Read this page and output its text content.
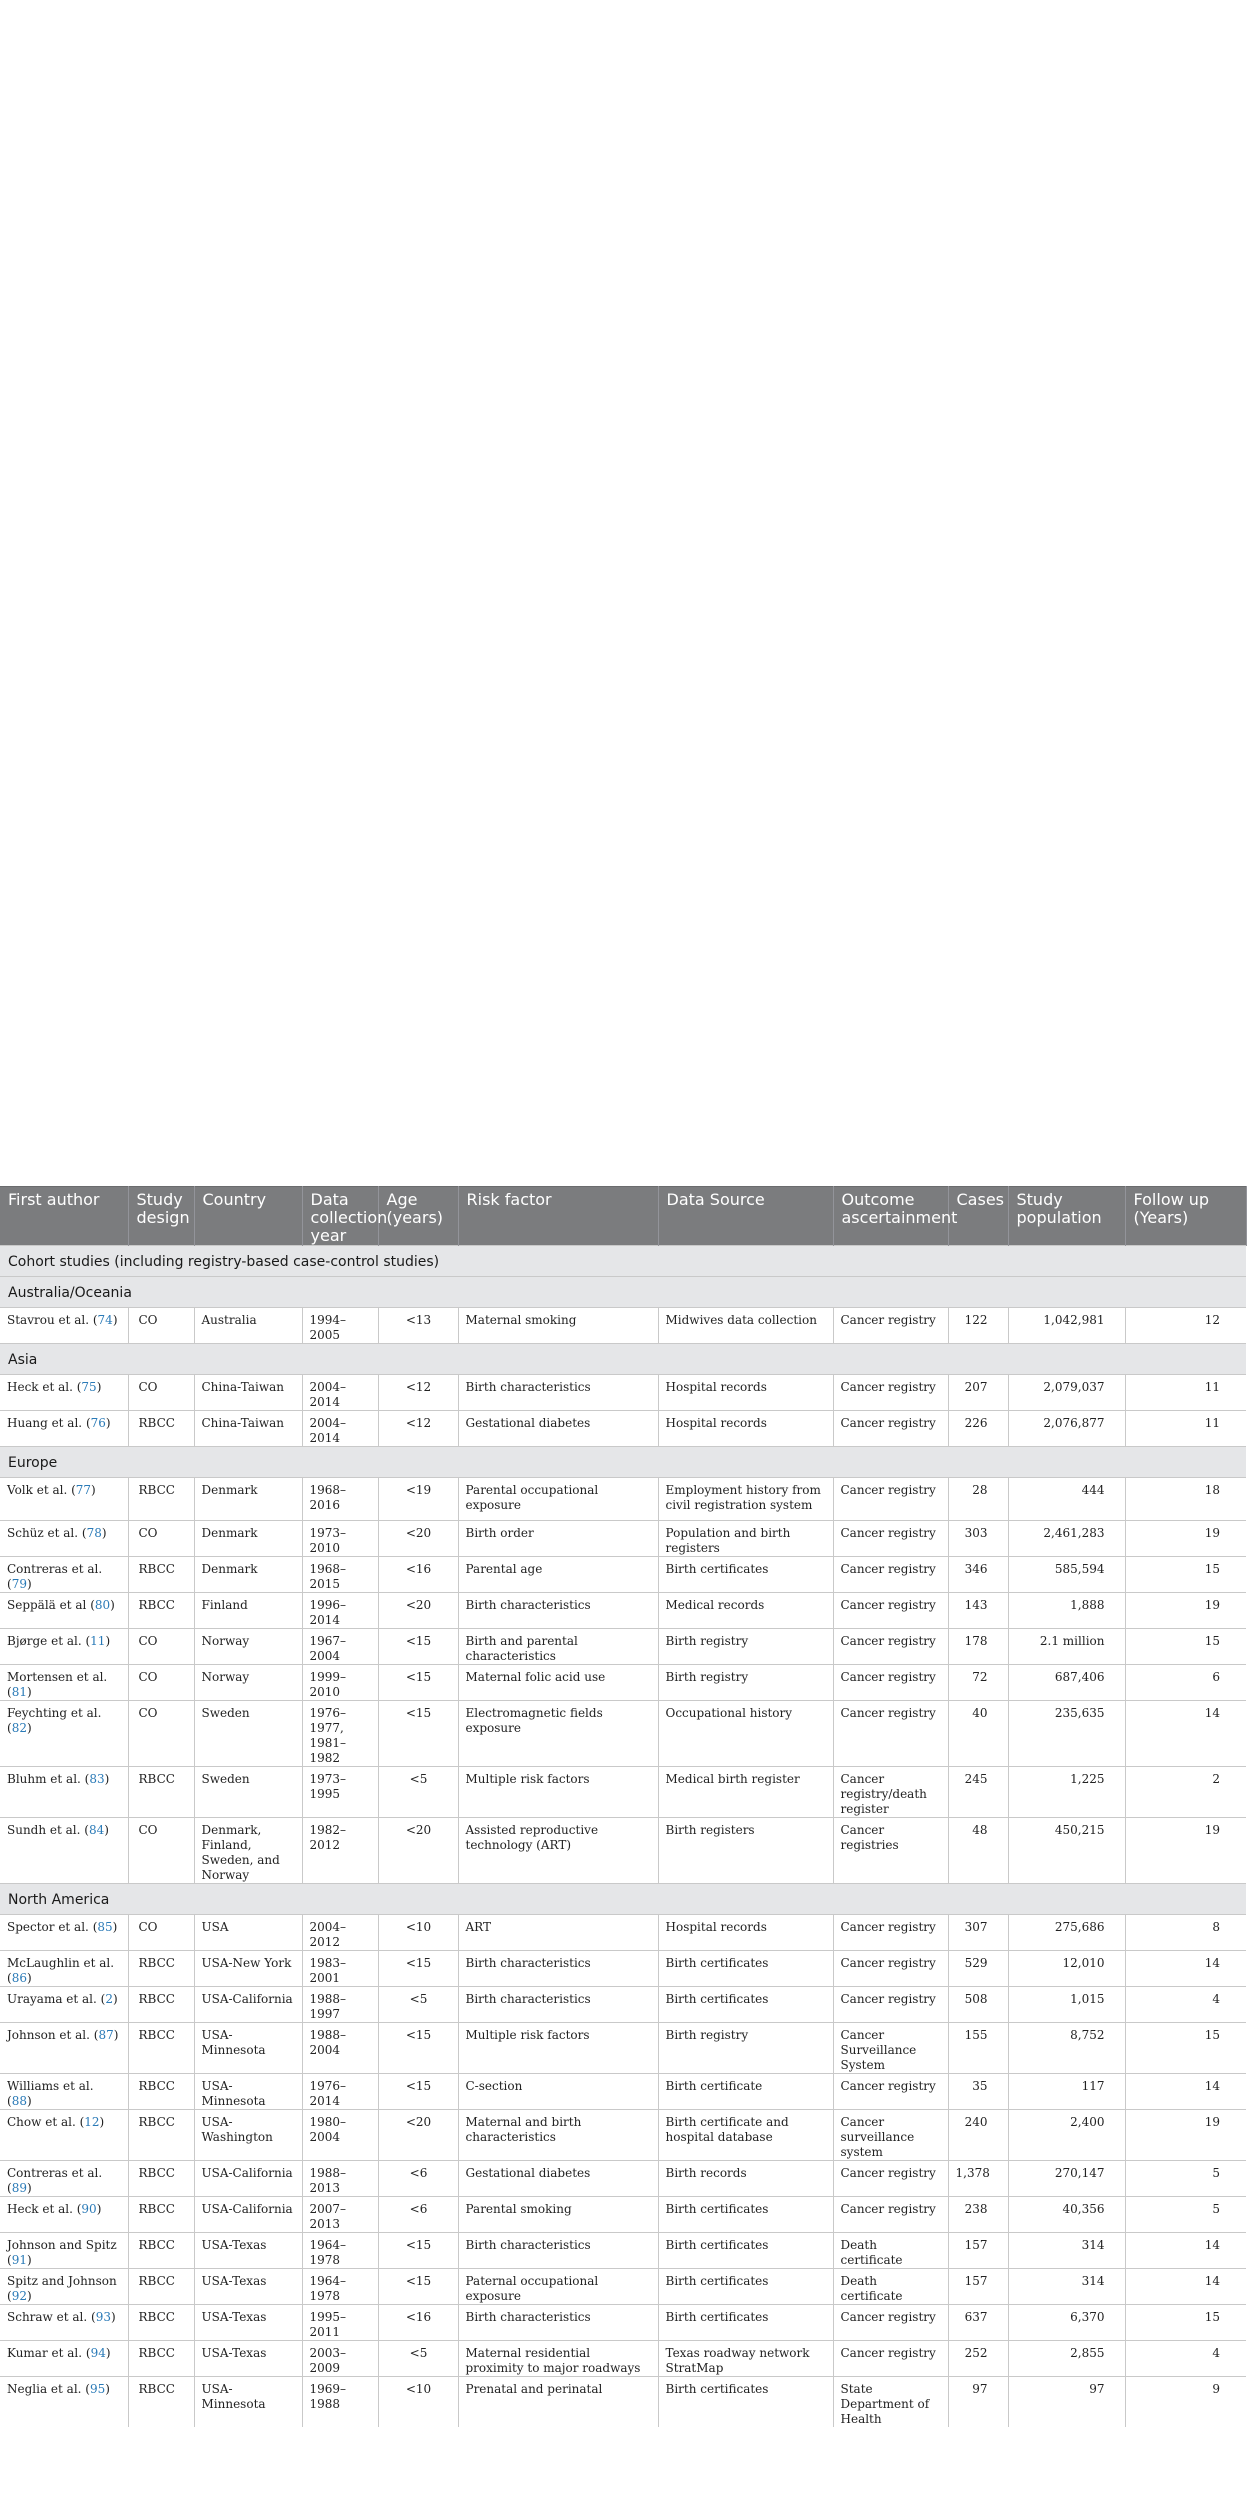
First author	Study design	Country	Data collection year	Age (years)	Risk factor	Data Source	Outcome ascertainment	Cases	Study population	Follow up (Years)
Cohort studies (including registry-based case-control studies)										
Australia/Oceania										
Stavrou et al. (74)	CO	Australia	1994–2005	<13	Maternal smoking	Midwives data collection	Cancer registry	122	1,042,981	12
Asia										
Heck et al. (75)	CO	China-Taiwan	2004–2014	<12	Birth characteristics	Hospital records	Cancer registry	207	2,079,037	11
Huang et al. (76)	RBCC	China-Taiwan	2004–2014	<12	Gestational diabetes	Hospital records	Cancer registry	226	2,076,877	11
Europe										
Volk et al. (77)	RBCC	Denmark	1968– 2016	<19	Parental occupational exposure	Employment history from civil registration system	Cancer registry	28	444	18
Schüz et al. (78)	CO	Denmark	1973–2010	<20	Birth order	Population and birth registers	Cancer registry	303	2,461,283	19
Contreras et al. (79)	RBCC	Denmark	1968–2015	<16	Parental age	Birth certificates	Cancer registry	346	585,594	15
Seppälä et al (80)	RBCC	Finland	1996–2014	<20	Birth characteristics	Medical records	Cancer registry	143	1,888	19
Bjørge et al. (11)	CO	Norway	1967–2004	<15	Birth and parental characteristics	Birth registry	Cancer registry	178	2.1 million	15
Mortensen et al. (81)	CO	Norway	1999–2010	<15	Maternal folic acid use	Birth registry	Cancer registry	72	687,406	6
Feychting et al. (82)	CO	Sweden	1976–1977, 1981–1982	<15	Electromagnetic fields exposure	Occupational history	Cancer registry	40	235,635	14
Bluhm et al. (83)	RBCC	Sweden	1973–1995	<5	Multiple risk factors	Medical birth register	Cancer registry/death register	245	1,225	2
Sundh et al. (84)	CO	Denmark, Finland, Sweden, and Norway	1982–2012	<20	Assisted reproductive technology (ART)	Birth registers	Cancer registries	48	450,215	19
North America										
Spector et al. (85)	CO	USA	2004–2012	<10	ART	Hospital records	Cancer registry	307	275,686	8
McLaughlin et al. (86)	RBCC	USA-New York	1983–2001	<15	Birth characteristics	Birth certificates	Cancer registry	529	12,010	14
Urayama et al. (2)	RBCC	USA-California	1988–1997	<5	Birth characteristics	Birth certificates	Cancer registry	508	1,015	4
Johnson et al. (87)	RBCC	USA-Minnesota	1988–2004	<15	Multiple risk factors	Birth registry	Cancer Surveillance System	155	8,752	15
Williams et al. (88)	RBCC	USA-Minnesota	1976–2014	<15	C-section	Birth certificate	Cancer registry	35	117	14
Chow et al. (12)	RBCC	USA-Washington	1980–2004	<20	Maternal and birth characteristics	Birth certificate and hospital database	Cancer surveillance system	240	2,400	19
Contreras et al. (89)	RBCC	USA-California	1988–2013	<6	Gestational diabetes	Birth records	Cancer registry	1,378	270,147	5
Heck et al. (90)	RBCC	USA-California	2007–2013	<6	Parental smoking	Birth certificates	Cancer registry	238	40,356	5
Johnson and Spitz (91)	RBCC	USA-Texas	1964–1978	<15	Birth characteristics	Birth certificates	Death certificate	157	314	14
Spitz and Johnson (92)	RBCC	USA-Texas	1964–1978	<15	Paternal occupational exposure	Birth certificates	Death certificate	157	314	14
Schraw et al. (93)	RBCC	USA-Texas	1995–2011	<16	Birth characteristics	Birth certificates	Cancer registry	637	6,370	15
Kumar et al. (94)	RBCC	USA-Texas	2003–2009	<5	Maternal residential proximity to major roadways	Texas roadway network StratMap	Cancer registry	252	2,855	4
Neglia et al. (95)	RBCC	USA-Minnesota	1969–1988	<10	Prenatal and perinatal	Birth certificates	State Department of Health	97	97	9
